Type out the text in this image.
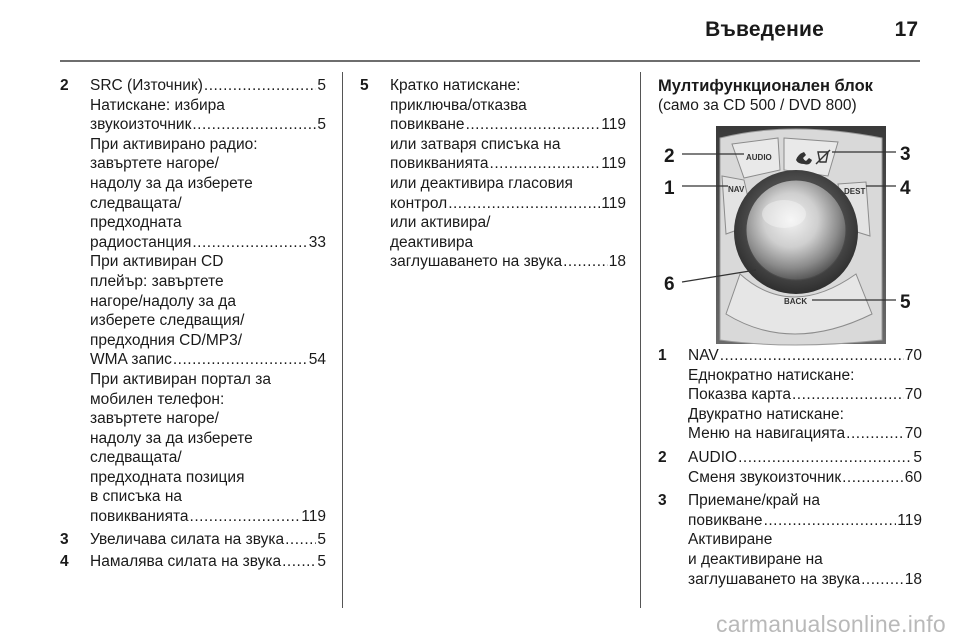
Въведение	17
2 SRC (Източник) .....	5
Натискане: избира
звукоизточник .....	5
При активирано радио:
завъртете нагоре/
надолу за да изберете
следващата/
предходната
радиостанция .....	33
При активиран CD
плейър: завъртете
нагоре/надолу за да
изберете следващия/
предходния CD/MP3/
WMA запис .....	54
При активиран портал за
мобилен телефон:
завъртете нагоре/
надолу за да изберете
следващата/
предходната позиция
в списъка на
повикванията .....	119
3 Увеличава силата на звука ..... 5
4 Намалява силата на звука ..... 5
5 Кратко натискане:
приключва/отказва
повикване .....	119
или затваря списъка на
повикванията .....	119
или деактивира гласовия
контрол .....	119
или активира/
деактивира
заглушаването на звука .....	18
Мултифункционален блок
(само за CD 500 / DVD 800)
AUDIO
NAV	DEST
BACK
2
1
6
3
4
5
1 NAV .....	70
Еднократно натискане:
Показва карта .....	70
Двукратно натискане:
Меню на навигацията .....	70
2 AUDIO .....	5
Сменя звукоизточник .....	60
3 Приемане/край на
повикване .....	119
Активиране
и деактивиране на
заглушаването на звука .....	18
carmanualsonline.info
